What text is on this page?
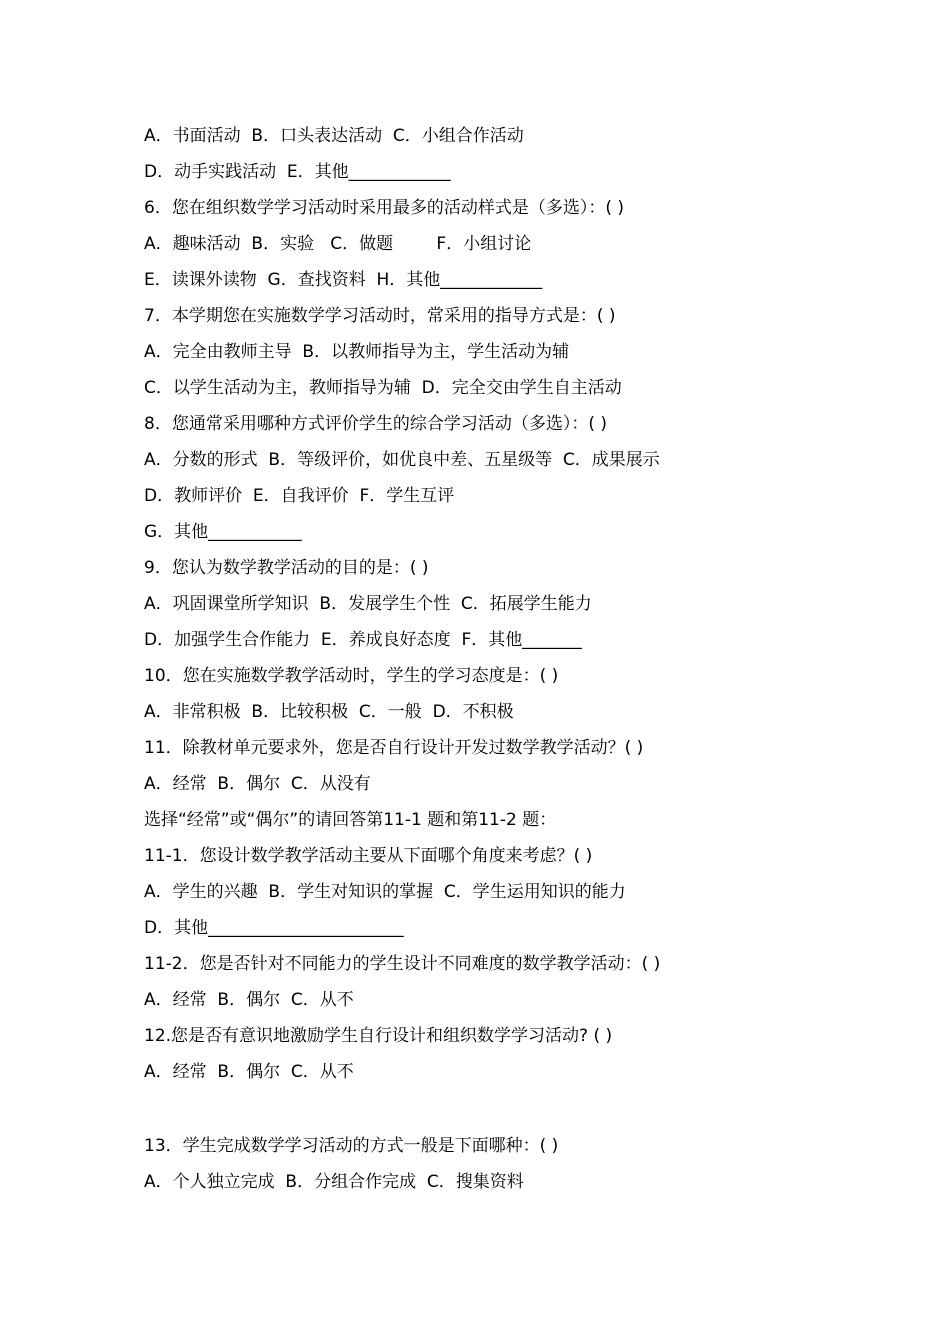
A．书面活动  B．口头表达活动  C．小组合作活动
D．动手实践活动  E．其他____________
6．您在组织数学学习活动时采用最多的活动样式是（多选）：( )
A．趣味活动  B．实验   C．做题        F．小组讨论
E．读课外读物  G．查找资料  H．其他____________
7．本学期您在实施数学学习活动时，常采用的指导方式是：( )
A．完全由教师主导  B．以教师指导为主，学生活动为辅
C．以学生活动为主，教师指导为辅  D．完全交由学生自主活动
8．您通常采用哪种方式评价学生的综合学习活动（多选）：( )
A．分数的形式  B．等级评价，如优良中差、五星级等  C．成果展示
D．教师评价  E．自我评价  F．学生互评
G．其他___________
9．您认为数学教学活动的目的是：( )
A．巩固课堂所学知识  B．发展学生个性  C．拓展学生能力
D．加强学生合作能力  E．养成良好态度  F．其他_______
10．您在实施数学教学活动时，学生的学习态度是：( )
A．非常积极  B．比较积极  C．一般  D．不积极
11．除教材单元要求外，您是否自行设计开发过数学教学活动？( )
A．经常  B．偶尔  C．从没有
选择“经常”或“偶尔”的请回答第11-1 题和第11-2 题：
11-1．您设计数学教学活动主要从下面哪个角度来考虑？( )
A．学生的兴趣  B．学生对知识的掌握  C．学生运用知识的能力
D．其他_______________________
11-2．您是否针对不同能力的学生设计不同难度的数学教学活动：( )
A．经常  B．偶尔  C．从不
12.您是否有意识地激励学生自行设计和组织数学学习活动? ( )
A．经常  B．偶尔  C．从不
13．学生完成数学学习活动的方式一般是下面哪种：( )
A．个人独立完成  B．分组合作完成  C．搜集资料
